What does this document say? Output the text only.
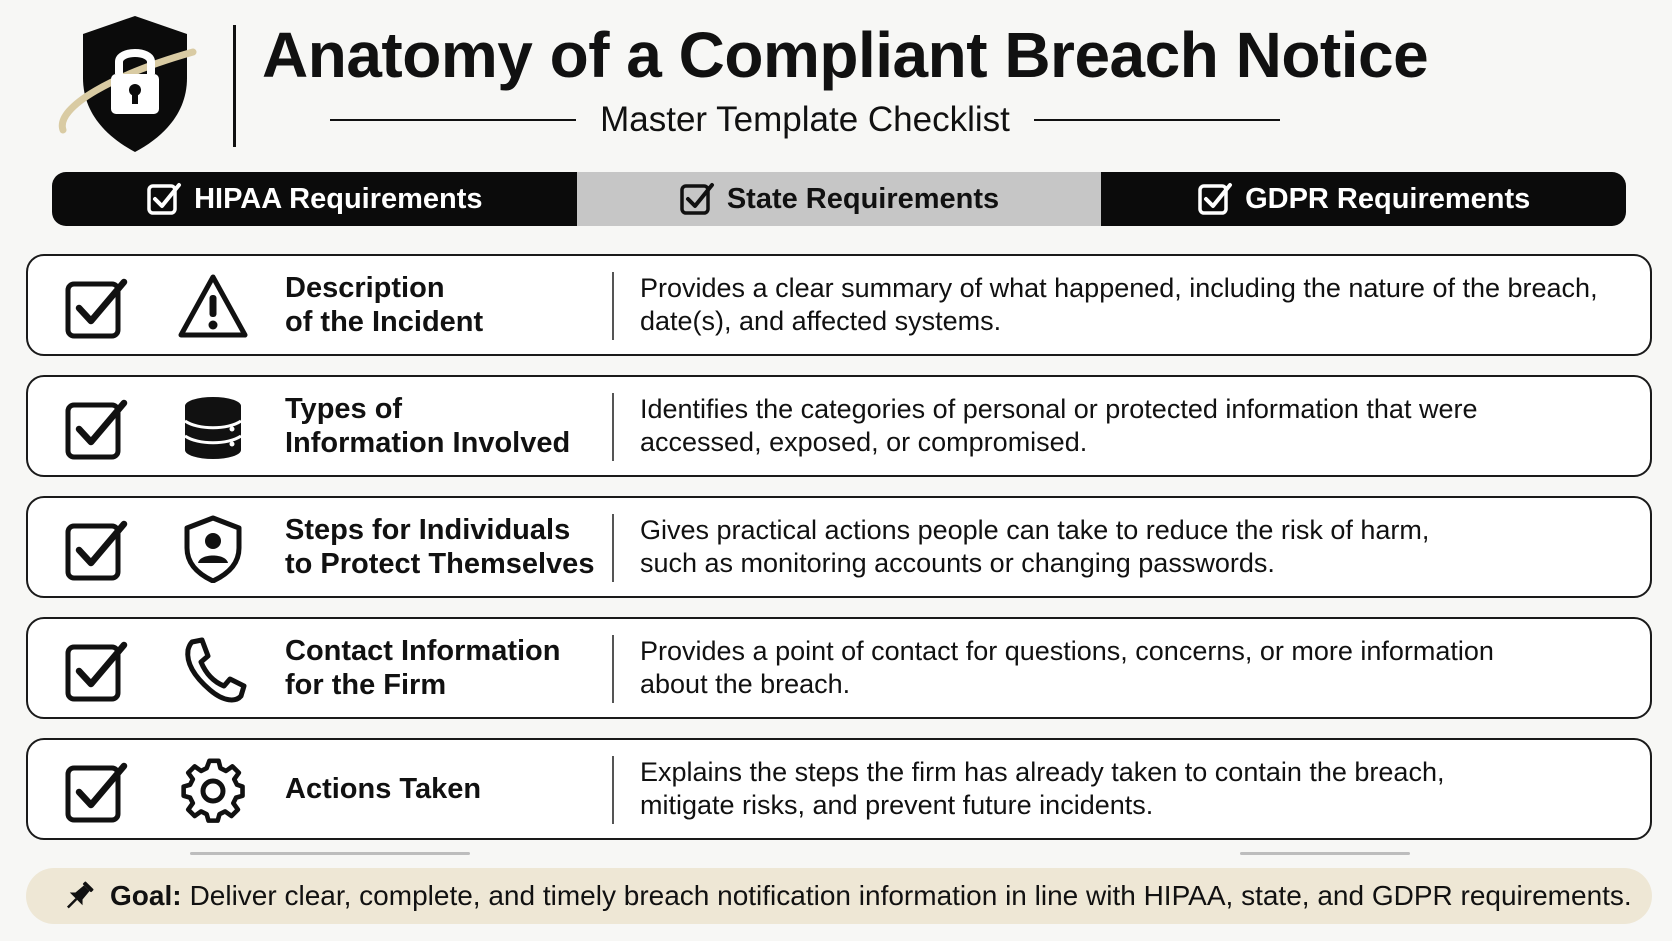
Anatomy of a Compliant Breach Notice
Master Template Checklist
HIPAA Requirements	State Requirements	GDPR Requirements
Description
of the Incident
Provides a clear summary of what happened, including the nature of the breach,
date(s), and affected systems.
Types of
Information Involved
Identifies the categories of personal or protected information that were
accessed, exposed, or compromised.
Steps for Individuals
to Protect Themselves
Gives practical actions people can take to reduce the risk of harm,
such as monitoring accounts or changing passwords.
Contact Information
for the Firm
Provides a point of contact for questions, concerns, or more information
about the breach.
Actions Taken
Explains the steps the firm has already taken to contain the breach,
mitigate risks, and prevent future incidents.
Goal: Deliver clear, complete, and timely breach notification information in line with HIPAA, state, and GDPR requirements.
